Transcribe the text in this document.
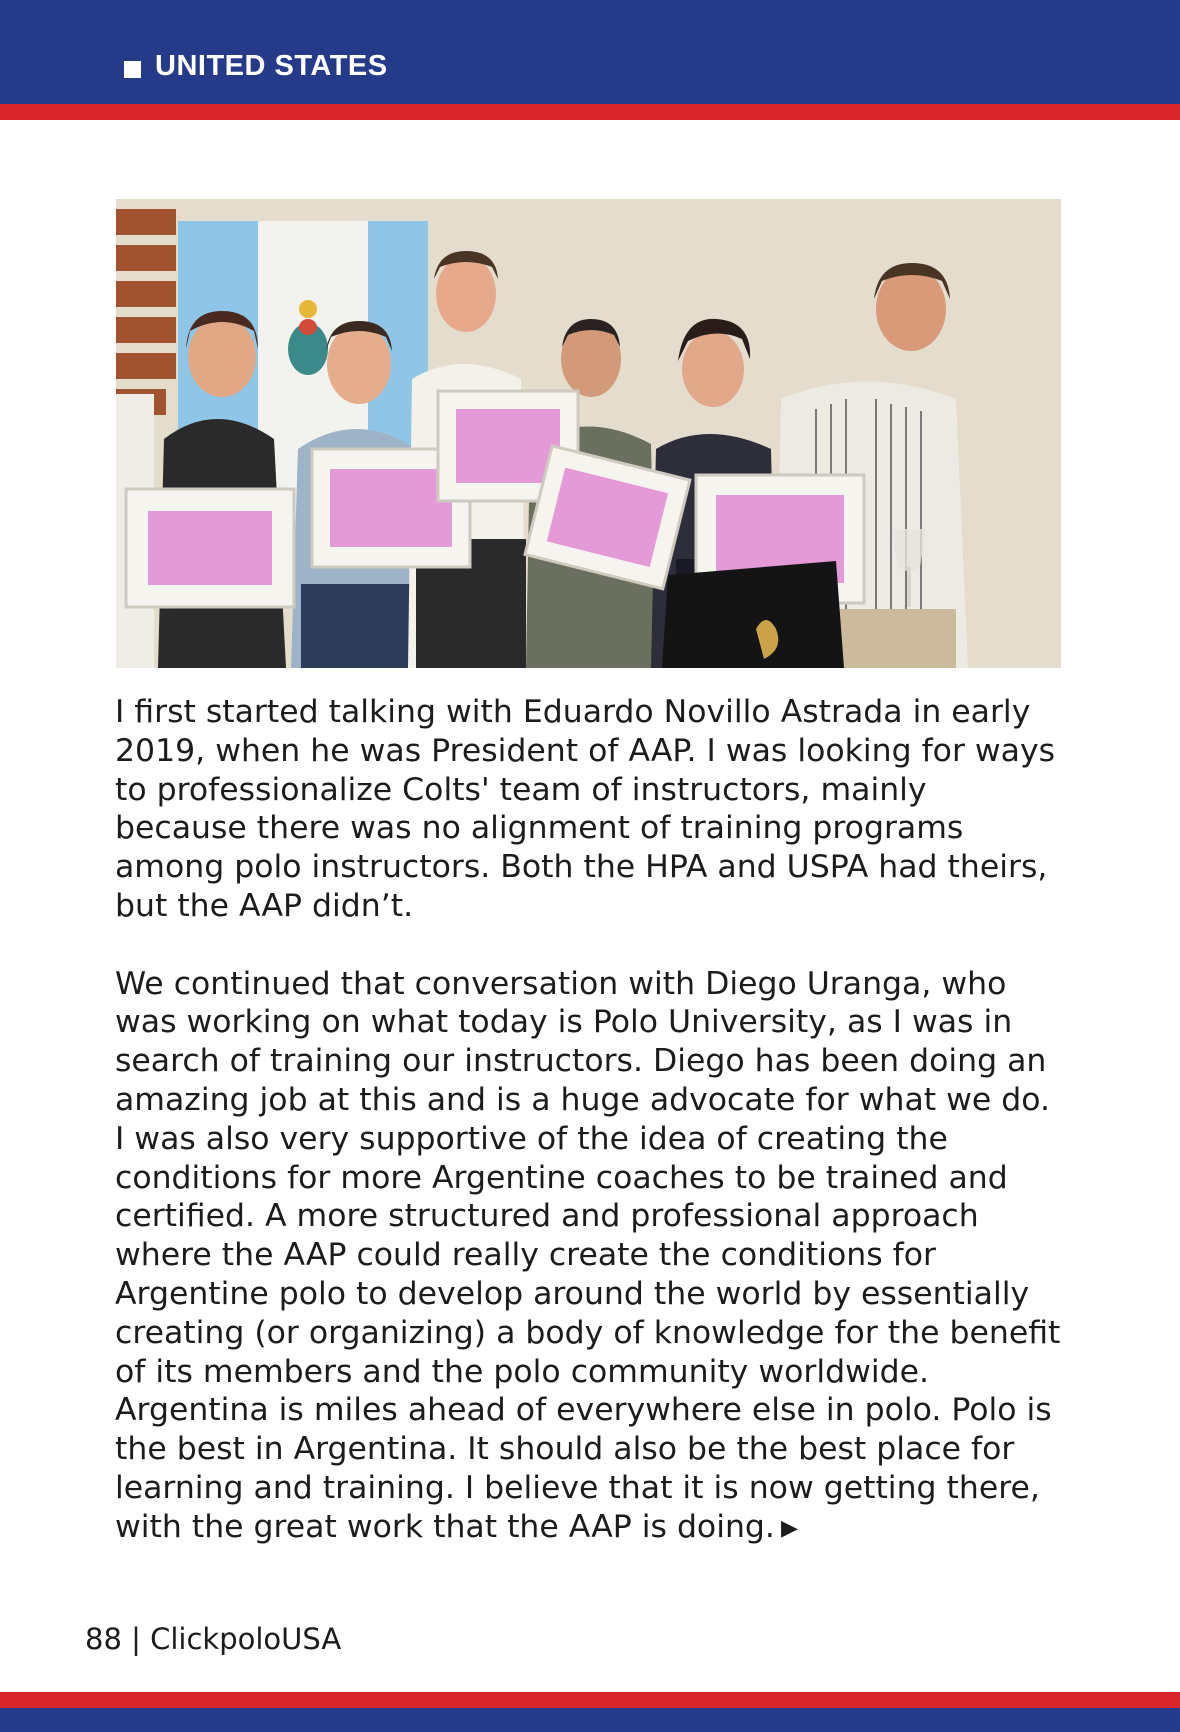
UNITED STATES

I first started talking with Eduardo Novillo Astrada in early 2019, when he was President of AAP. I was looking for ways to professionalize Colts' team of instructors, mainly because there was no alignment of training programs among polo instructors. Both the HPA and USPA had theirs, but the AAP didn’t.

We continued that conversation with Diego Uranga, who was working on what today is Polo University, as I was in search of training our instructors. Diego has been doing an amazing job at this and is a huge advocate for what we do. I was also very supportive of the idea of creating the conditions for more Argentine coaches to be trained and certified. A more structured and professional approach where the AAP could really create the conditions for Argentine polo to develop around the world by essentially creating (or organizing) a body of knowledge for the benefit of its members and the polo community worldwide. Argentina is miles ahead of everywhere else in polo. Polo is the best in Argentina. It should also be the best place for learning and training. I believe that it is now getting there, with the great work that the AAP is doing. ▶

88 | ClickpoloUSA
